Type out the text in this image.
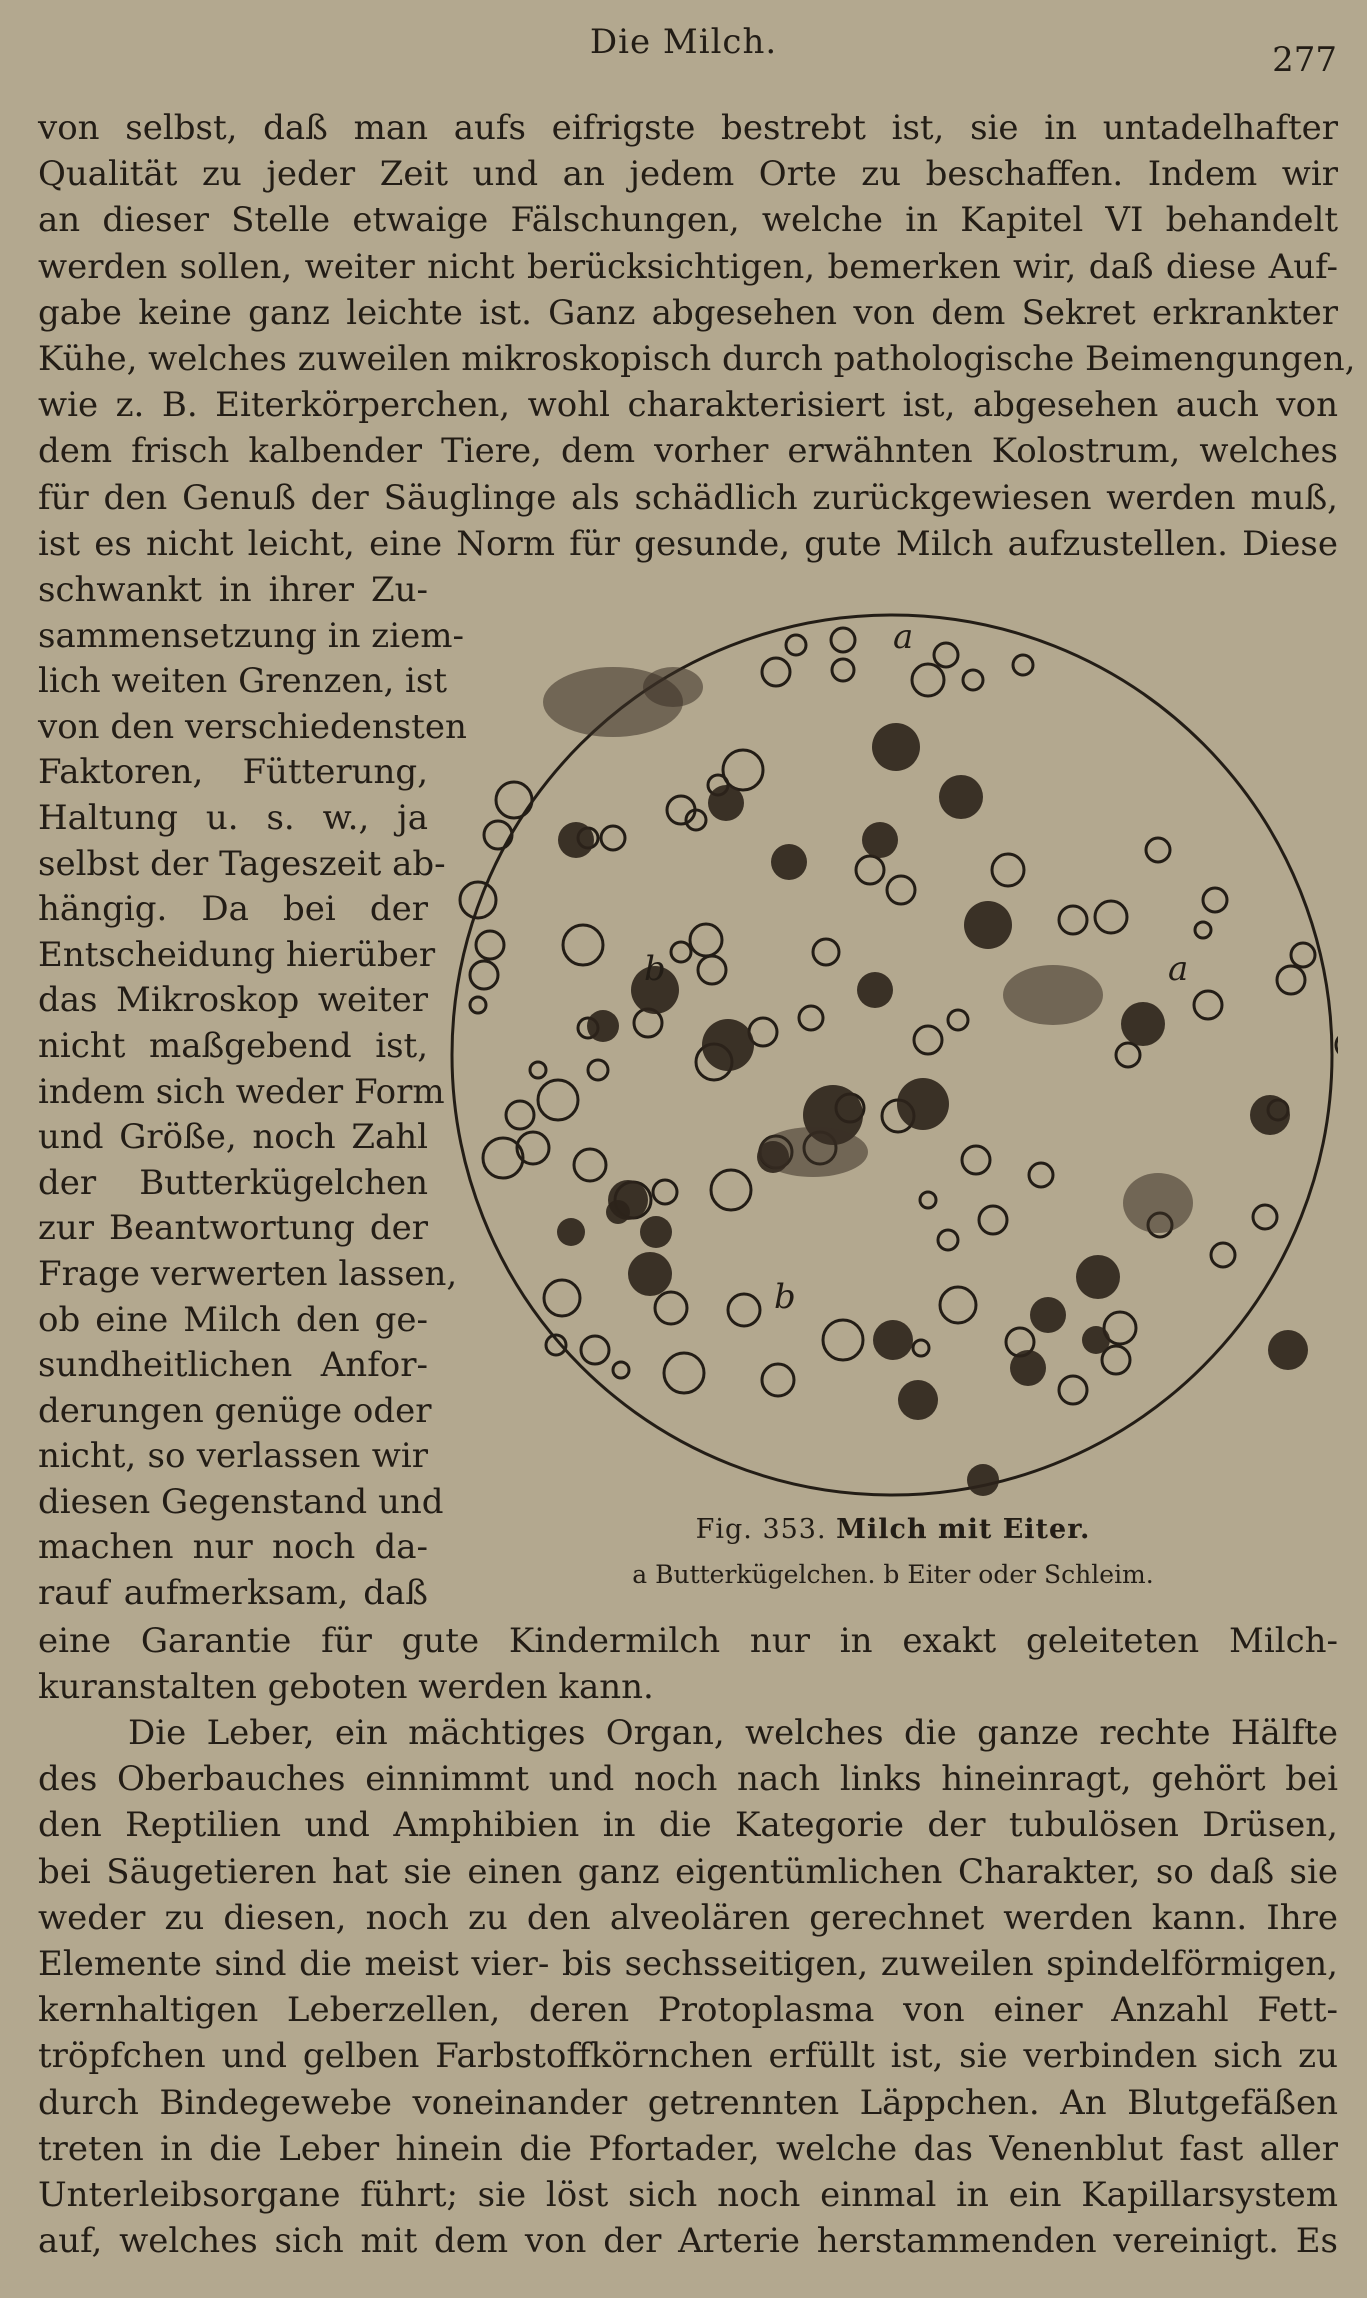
Die Milch.	277
von selbst, daß man aufs eifrigste bestrebt ist, sie in untadelhafter
Qualität zu jeder Zeit und an jedem Orte zu beschaffen. Indem wir
an dieser Stelle etwaige Fälschungen, welche in Kapitel VI behandelt
werden sollen, weiter nicht berücksichtigen, bemerken wir, daß diese Auf-
gabe keine ganz leichte ist. Ganz abgesehen von dem Sekret erkrankter
Kühe, welches zuweilen mikroskopisch durch pathologische Beimengungen,
wie z. B. Eiterkörperchen, wohl charakterisiert ist, abgesehen auch von
dem frisch kalbender Tiere, dem vorher erwähnten Kolostrum, welches
für den Genuß der Säuglinge als schädlich zurückgewiesen werden muß,
ist es nicht leicht, eine Norm für gesunde, gute Milch aufzustellen. Diese
schwankt in ihrer Zu-
sammensetzung in ziem-
lich weiten Grenzen, ist
von den verschiedensten
Faktoren, Fütterung,
Haltung u. s. w., ja
selbst der Tageszeit ab-
hängig. Da bei der
Entscheidung hierüber
das Mikroskop weiter
nicht maßgebend ist,
indem sich weder Form
und Größe, noch Zahl
der Butterkügelchen
zur Beantwortung der
Frage verwerten lassen,
ob eine Milch den ge-
sundheitlichen Anfor-
derungen genüge oder
nicht, so verlassen wir
diesen Gegenstand und
machen nur noch da-
rauf aufmerksam, daß
a
a
b
b
Fig. 353. Milch mit Eiter.
a Butterkügelchen. b Eiter oder Schleim.
eine Garantie für gute Kindermilch nur in exakt geleiteten Milch-
kuranstalten geboten werden kann.
Die Leber, ein mächtiges Organ, welches die ganze rechte Hälfte
des Oberbauches einnimmt und noch nach links hineinragt, gehört bei
den Reptilien und Amphibien in die Kategorie der tubulösen Drüsen,
bei Säugetieren hat sie einen ganz eigentümlichen Charakter, so daß sie
weder zu diesen, noch zu den alveolären gerechnet werden kann. Ihre
Elemente sind die meist vier- bis sechsseitigen, zuweilen spindelförmigen,
kernhaltigen Leberzellen, deren Protoplasma von einer Anzahl Fett-
tröpfchen und gelben Farbstoffkörnchen erfüllt ist, sie verbinden sich zu
durch Bindegewebe voneinander getrennten Läppchen. An Blutgefäßen
treten in die Leber hinein die Pfortader, welche das Venenblut fast aller
Unterleibsorgane führt; sie löst sich noch einmal in ein Kapillarsystem
auf, welches sich mit dem von der Arterie herstammenden vereinigt. Es
